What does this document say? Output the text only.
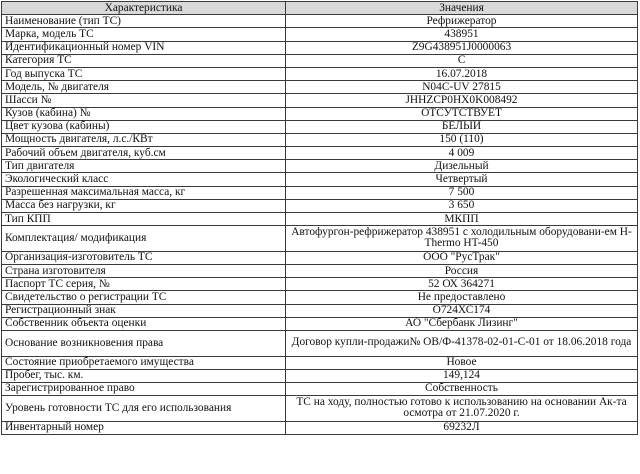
Характеристика	Значения
Наименование (тип ТС)	Рефрижератор
Марка, модель ТС	438951
Идентификационный номер VIN	Z9G438951J0000063
Категория ТС	С
Год выпуска ТС	16.07.2018
Модель, № двигателя	N04C-UV 27815
Шасси №	JHHZCP0HX0K008492
Кузов (кабина) №	ОТСУТСТВУЕТ
Цвет кузова (кабины)	БЕЛЫЙ
Мощность двигателя, л.с./КВт	150 (110)
Рабочий объем двигателя, куб.см	4 009
Тип двигателя	Дизельный
Экологический класс	Четвертый
Разрешенная максимальная масса, кг	7 500
Масса без нагрузки, кг	3 650
Тип КПП	МКПП
Комплектация/ модификация	Автофургон-рефрижератор 438951 с холодильным оборудовани-ем H-Thermo HT-450
Организация-изготовитель ТС	ООО "РусТрак"
Страна изготовителя	Россия
Паспорт ТС серия, №	52 ОХ 364271
Свидетельство о регистрации ТС	Не предоставлено
Регистрационный знак	О724ХС174
Собственник объекта оценки	АО "Сбербанк Лизинг"
Основание возникновения права	Договор купли-продажи№ ОВ/Ф-41378-02-01-С-01 от 18.06.2018 года
Состояние приобретаемого имущества	Новое
Пробег, тыс. км.	149,124
Зарегистрированное право	Собственность
Уровень готовности ТС для его использования	ТС на ходу, полностью готово к использованию на основании Ак-та осмотра от 21.07.2020 г.
Инвентарный номер	69232Л
